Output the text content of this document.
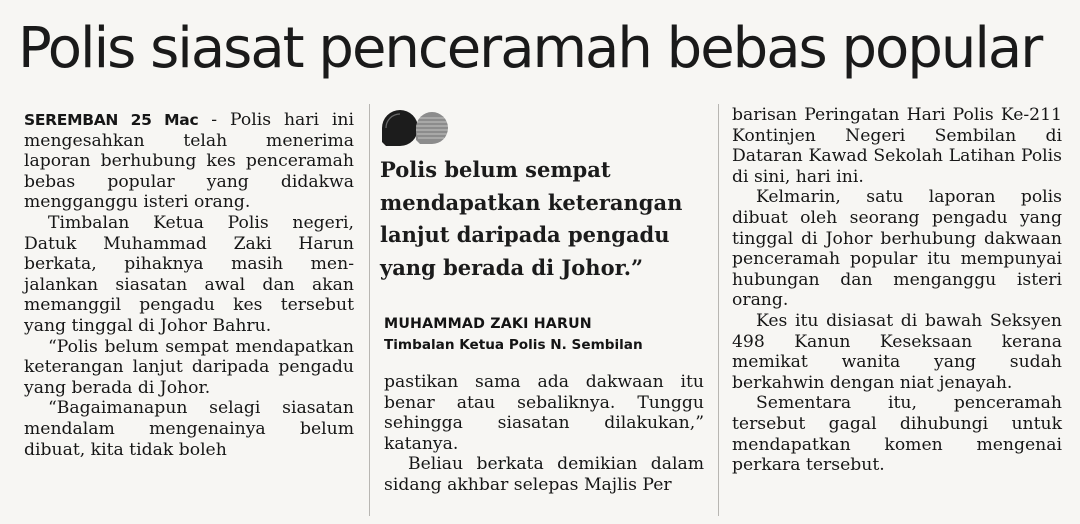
Polis siasat penceramah bebas popular

SEREMBAN 25 Mac - Polis hari ini mengesahkan telah menerima laporan berhubung kes penceramah bebas popular yang didakwa mengganggu isteri orang.

Timbalan Ketua Polis negeri, Datuk Muhammad Zaki Harun berkata, pihaknya masih menjalankan siasatan awal dan akan memanggil pengadu kes tersebut yang tinggal di Johor Bahru.

“Polis belum sempat mendapatkan keterangan lanjut daripada pengadu yang berada di Johor.

“Bagaimanapun selagi siasatan mendalam mengenainya belum dibuat, kita tidak boleh

Polis belum sempat mendapatkan keterangan lanjut daripada pengadu yang berada di Johor.”

MUHAMMAD ZAKI HARUN
Timbalan Ketua Polis N. Sembilan

pastikan sama ada dakwaan itu benar atau sebaliknya. Tunggu sehingga siasatan dilakukan,” katanya.

Beliau berkata demikian dalam sidang akhbar selepas Majlis Per

barisan Peringatan Hari Polis Ke-211 Kontinjen Negeri Sembilan di Dataran Kawad Sekolah Latihan Polis di sini, hari ini.

Kelmarin, satu laporan polis dibuat oleh seorang pengadu yang tinggal di Johor berhubung dakwaan penceramah popular itu mempunyai hubungan dan menganggu isteri orang.

Kes itu disiasat di bawah Seksyen 498 Kanun Keseksaan kerana memikat wanita yang sudah berkahwin dengan niat jenayah.

Sementara itu, penceramah tersebut gagal dihubungi untuk mendapatkan komen mengenai perkara tersebut.
